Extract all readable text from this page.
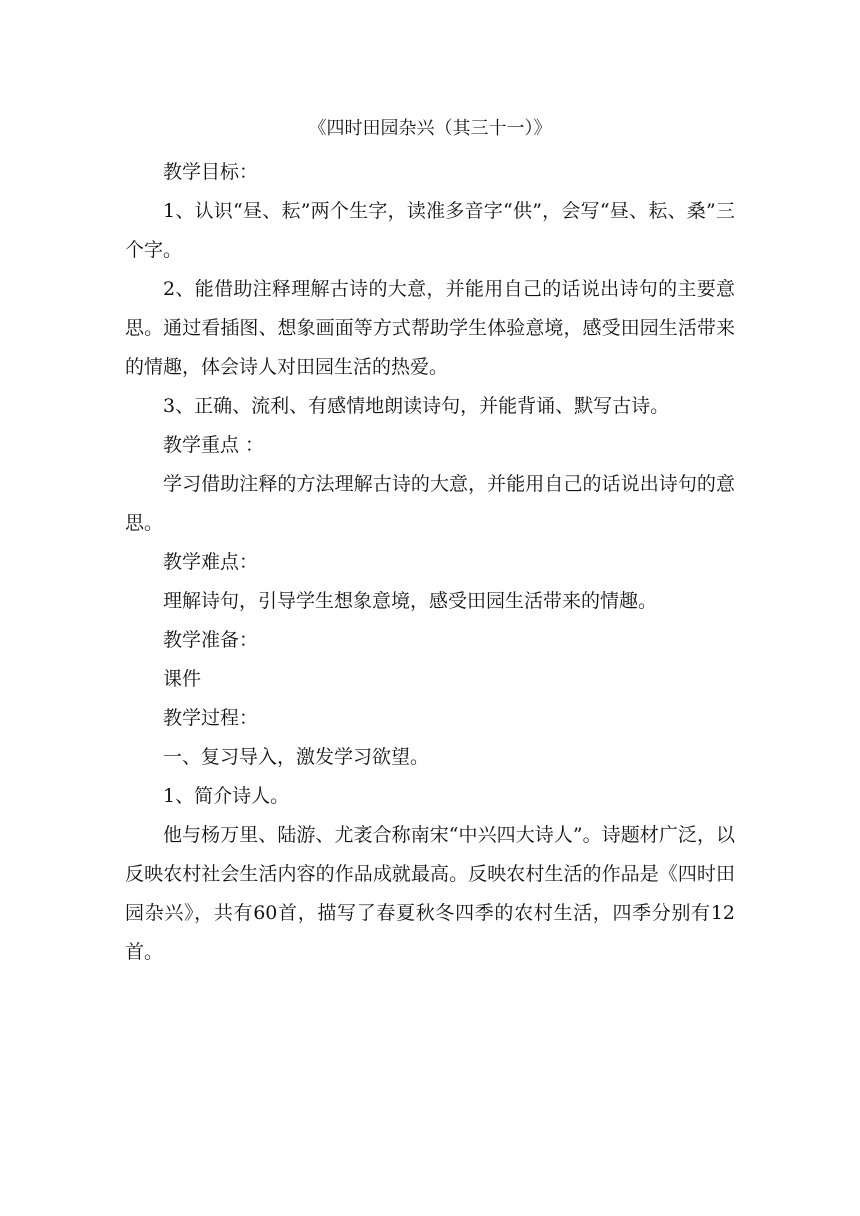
《四时田园杂兴（其三十一）》

教学目标：

1、认识“昼、耘”两个生字，读准多音字“供”，会写“昼、耘、桑”三个字。

2、能借助注释理解古诗的大意，并能用自己的话说出诗句的主要意思。通过看插图、想象画面等方式帮助学生体验意境，感受田园生活带来的情趣，体会诗人对田园生活的热爱。

3、正确、流利、有感情地朗读诗句，并能背诵、默写古诗。

教学重点 ：

学习借助注释的方法理解古诗的大意，并能用自己的话说出诗句的意思。

教学难点：

理解诗句，引导学生想象意境，感受田园生活带来的情趣。

教学准备：

课件

教学过程：

一、复习导入，激发学习欲望。

1、简介诗人。

他与杨万里、陆游、尤袤合称南宋“中兴四大诗人”。诗题材广泛，以反映农村社会生活内容的作品成就最高。反映农村生活的作品是《四时田园杂兴》，共有60首，描写了春夏秋冬四季的农村生活，四季分别有12首。
